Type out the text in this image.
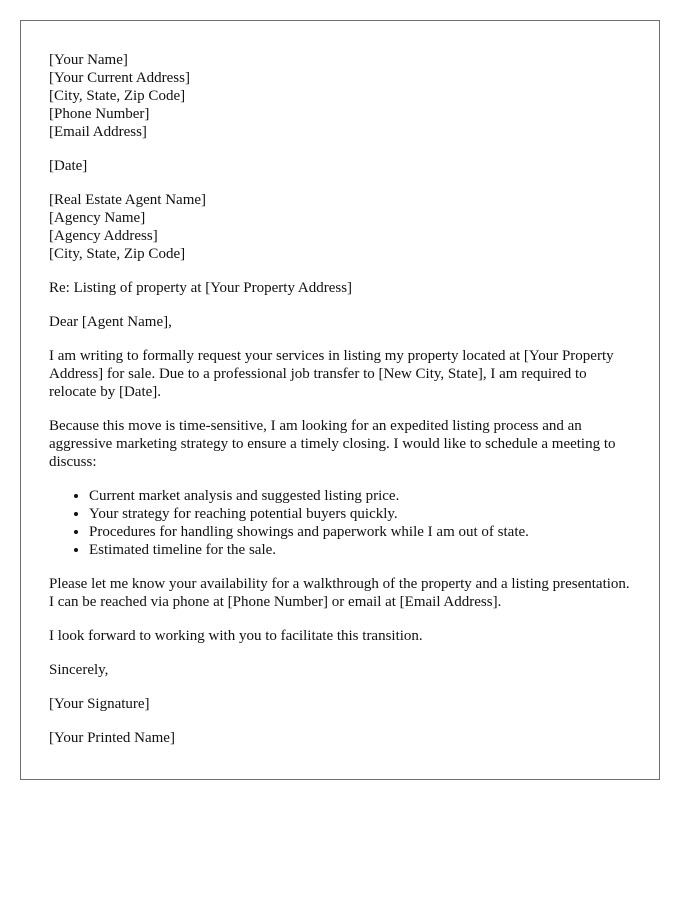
[Your Name]
[Your Current Address]
[City, State, Zip Code]
[Phone Number]
[Email Address]

[Date]

[Real Estate Agent Name]
[Agency Name]
[Agency Address]
[City, State, Zip Code]

Re: Listing of property at [Your Property Address]

Dear [Agent Name],

I am writing to formally request your services in listing my property located at [Your Property Address] for sale. Due to a professional job transfer to [New City, State], I am required to relocate by [Date].

Because this move is time-sensitive, I am looking for an expedited listing process and an aggressive marketing strategy to ensure a timely closing. I would like to schedule a meeting to discuss:

• Current market analysis and suggested listing price.
• Your strategy for reaching potential buyers quickly.
• Procedures for handling showings and paperwork while I am out of state.
• Estimated timeline for the sale.

Please let me know your availability for a walkthrough of the property and a listing presentation. I can be reached via phone at [Phone Number] or email at [Email Address].

I look forward to working with you to facilitate this transition.

Sincerely,

[Your Signature]

[Your Printed Name]
